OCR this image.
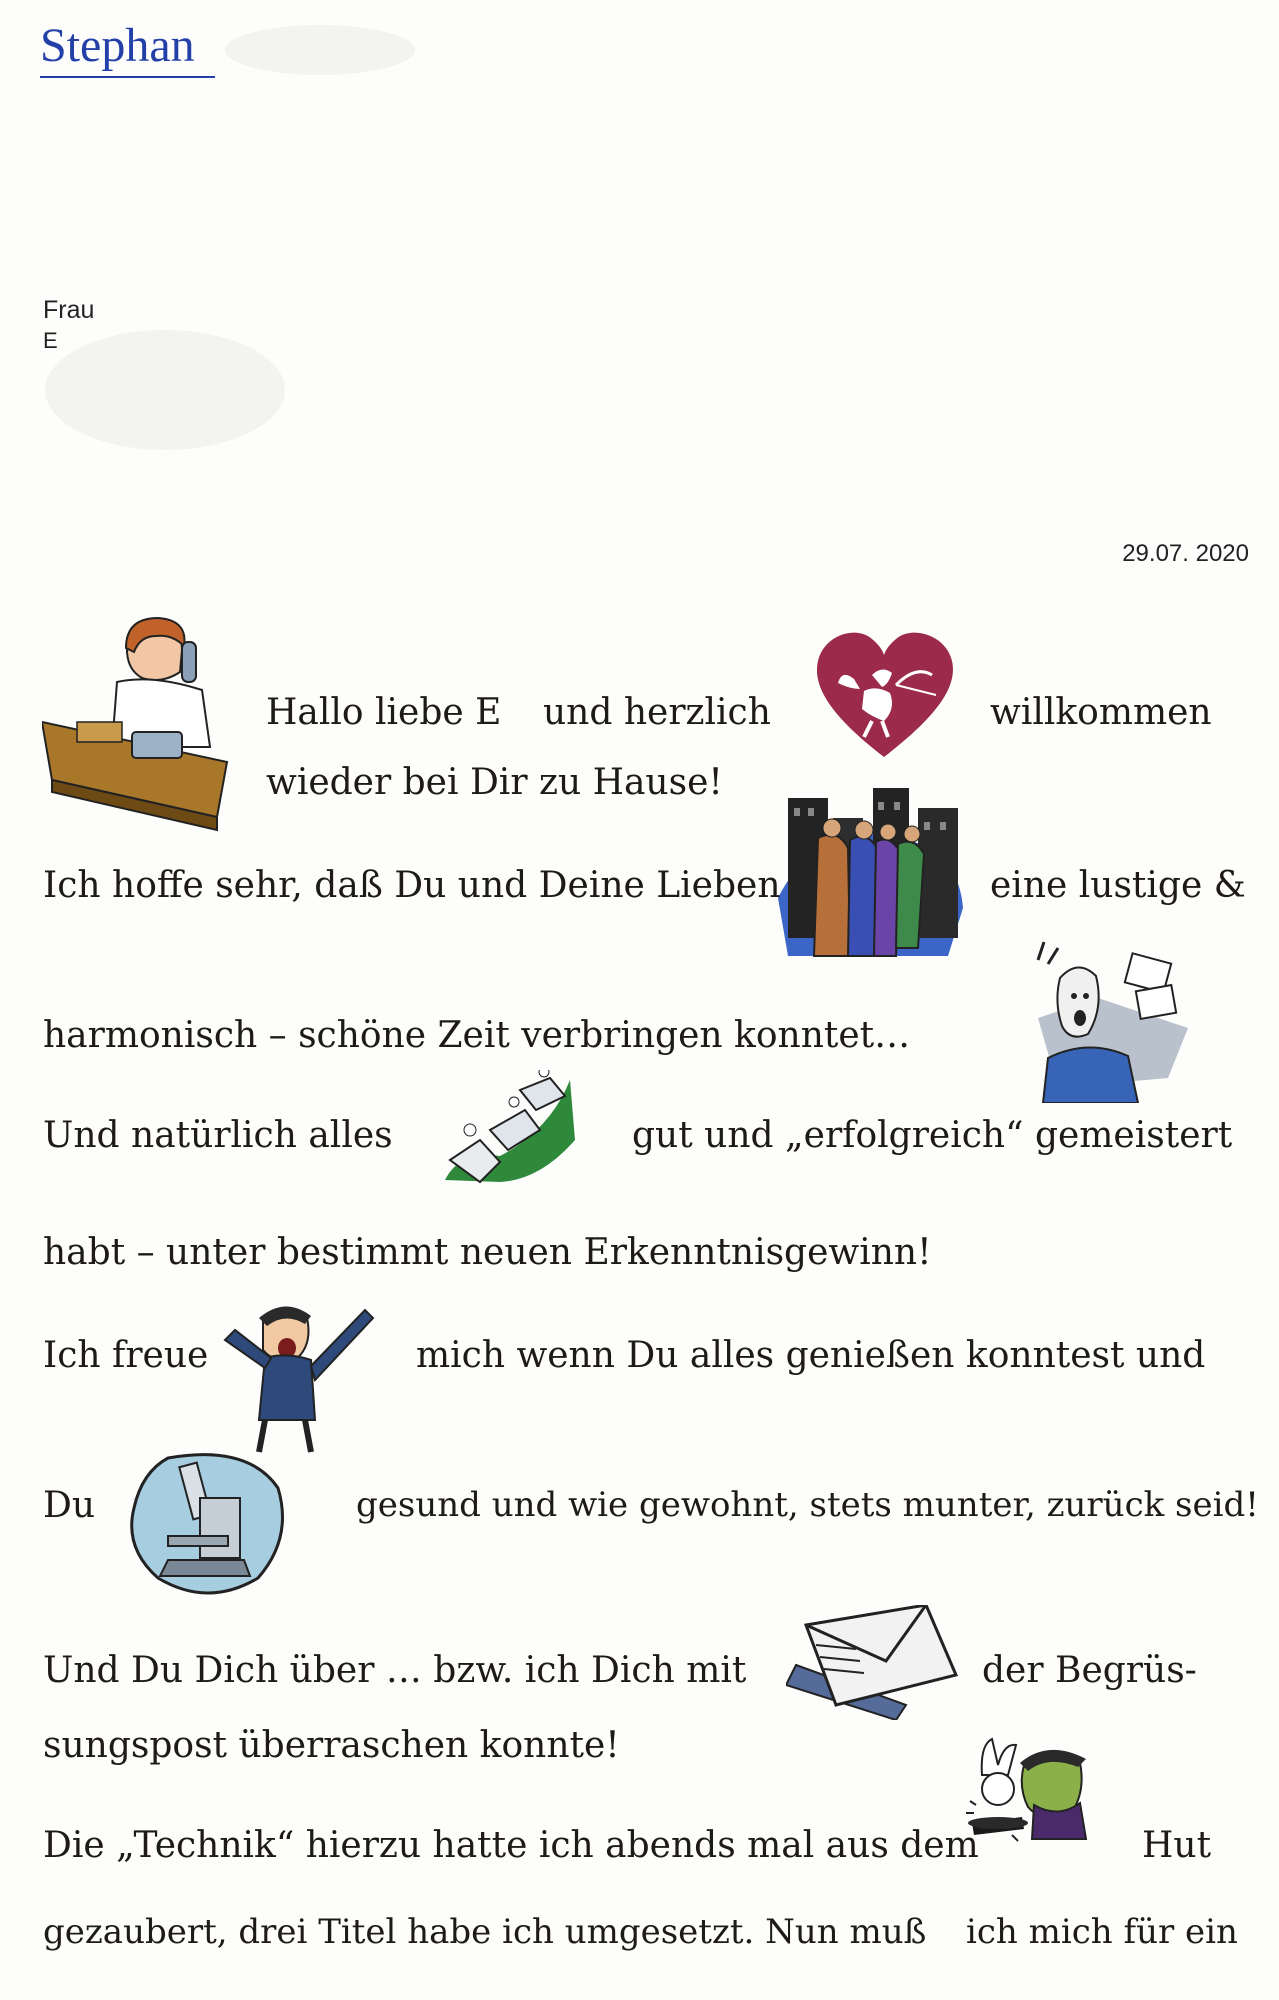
Stephan
Frau
E
29.07. 2020
Hallo liebe E und herzlich	willkommen
wieder bei Dir zu Hause!
Ich hoffe sehr, daß Du und Deine Lieben	eine lustige &
harmonisch – schöne Zeit verbringen konntet…
Und natürlich alles	gut und „erfolgreich“ gemeistert
habt – unter bestimmt neuen Erkenntnisgewinn!
Ich freue	mich wenn Du alles genießen konntest und
Du	gesund und wie gewohnt, stets munter, zurück seid!
Und Du Dich über … bzw. ich Dich mit	der Begrüs-
sungspost überraschen konnte!
Die „Technik“ hierzu hatte ich abends mal aus dem	Hut
gezaubert, drei Titel habe ich umgesetzt. Nun muß ich mich für ein
